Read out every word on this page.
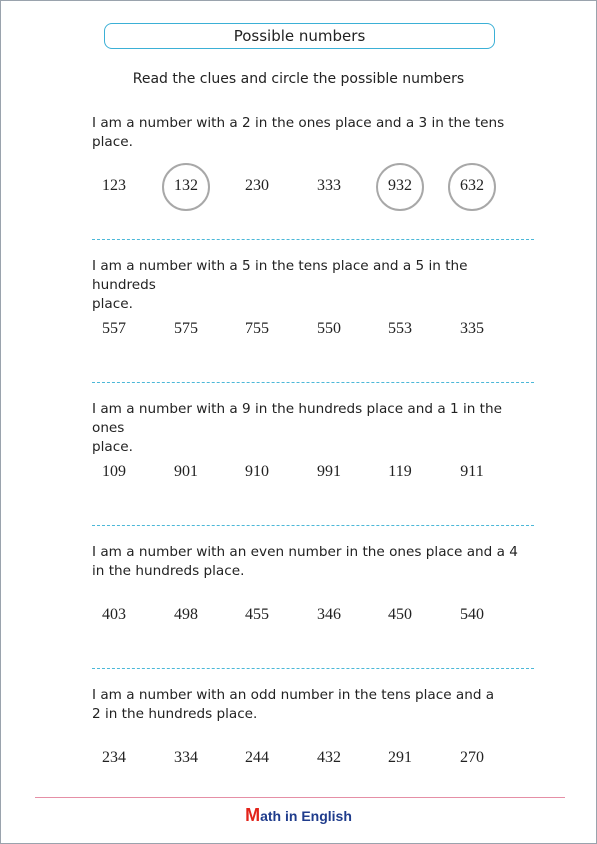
Possible numbers
Read the clues and circle the possible numbers
I am a number with a 2 in the ones place and a 3 in the tens
place.
123	132	230	333	932	632
I am a number with a 5 in the tens place and a 5 in the hundreds
place.
557	575	755	550	553	335
I am a number with a 9 in the hundreds place and a 1 in the ones
place.
109	901	910	991	119	911
I am a number with an even number in the ones place and a 4
in the hundreds place.
403	498	455	346	450	540
I am a number with an odd number in the tens place and a
2 in the hundreds place.
234	334	244	432	291	270
Math in English
